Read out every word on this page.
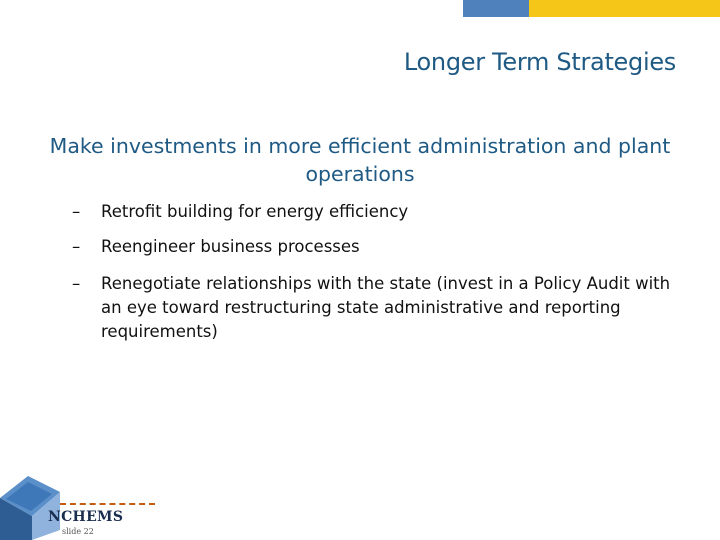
Longer Term Strategies
Make investments in more efficient administration and plant operations
–	Retrofit building for energy efficiency
–	Reengineer business processes
–	Renegotiate relationships with the state (invest in a Policy Audit with an eye toward restructuring state administrative and reporting requirements)
NCHEMS
slide 22
